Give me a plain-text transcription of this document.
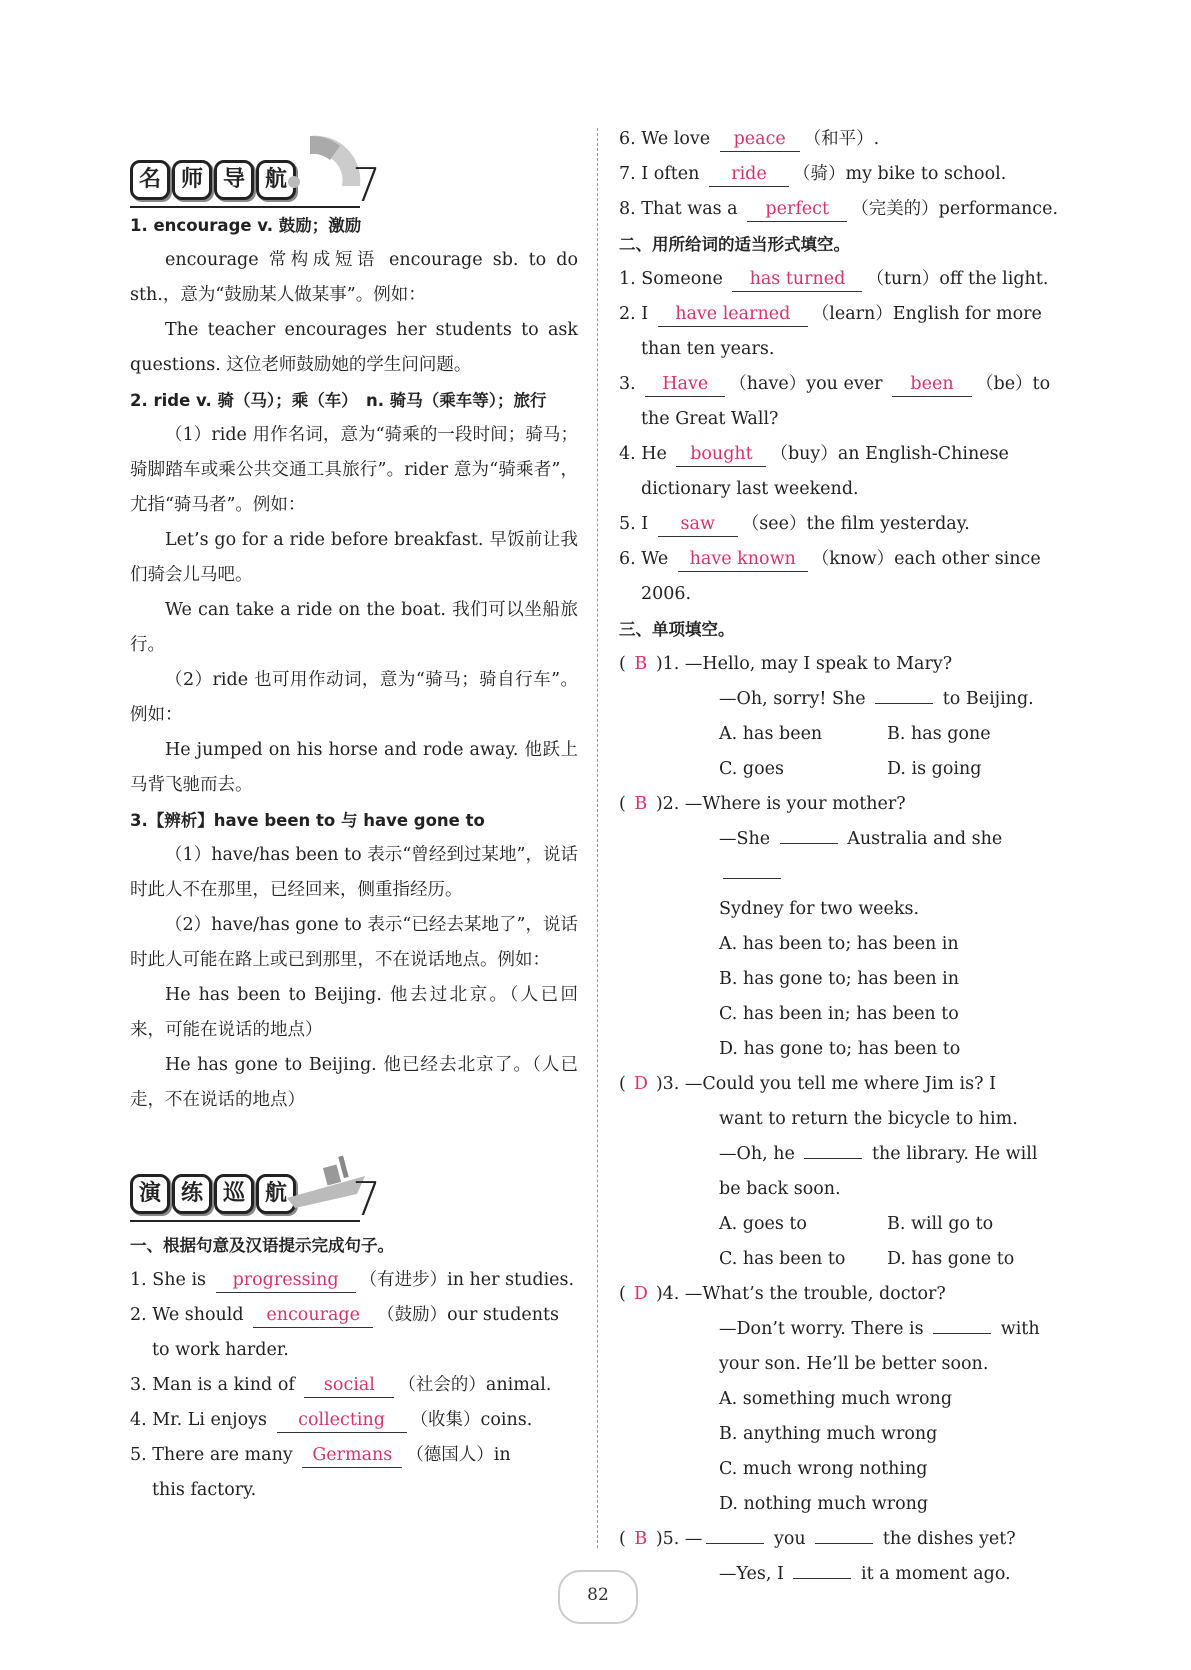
名 师 导 航 7
1. encourage v. 鼓励；激励
encourage 常构成短语 encourage sb. to do sth.，意为“鼓励某人做某事”。例如：
The teacher encourages her students to ask questions. 这位老师鼓励她的学生问问题。
2. ride v. 骑（马）；乘（车）　n. 骑马（乘车等）；旅行
（1）ride 用作名词，意为“骑乘的一段时间；骑马；骑脚踏车或乘公共交通工具旅行”。rider 意为“骑乘者”，尤指“骑马者”。例如：
Let’s go for a ride before breakfast. 早饭前让我们骑会儿马吧。
We can take a ride on the boat. 我们可以坐船旅行。
（2）ride 也可用作动词，意为“骑马；骑自行车”。例如：
He jumped on his horse and rode away. 他跃上马背飞驰而去。
3.【辨析】have been to 与 have gone to
（1）have/has been to 表示“曾经到过某地”，说话时此人不在那里，已经回来，侧重指经历。
（2）have/has gone to 表示“已经去某地了”，说话时此人可能在路上或已到那里，不在说话地点。例如：
He has been to Beijing. 他去过北京。（人已回来，可能在说话的地点）
He has gone to Beijing. 他已经去北京了。（人已走，不在说话的地点）
演 练 巡 航 7
一、根据句意及汉语提示完成句子。
1. She is progressing （有进步）in her studies.
2. We should encourage （鼓励）our students
to work harder.
3. Man is a kind of social （社会的）animal.
4. Mr. Li enjoys collecting （收集）coins.
5. There are many Germans （德国人）in
this factory.
6. We love peace （和平）.
7. I often ride （骑）my bike to school.
8. That was a perfect （完美的）performance.
二、用所给词的适当形式填空。
1. Someone has turned （turn）off the light.
2. I have learned （learn）English for more
than ten years.
3. Have （have）you ever been （be）to
the Great Wall?
4. He bought （buy）an English-Chinese
dictionary last weekend.
5. I saw （see）the film yesterday.
6. We have known （know）each other since
2006.
三、单项填空。
( B )1. —Hello, may I speak to Mary?
—Oh, sorry! She	to Beijing.
A. has been	B. has gone
C. goes	D. is going
( B )2. —Where is your mother?
—She	Australia and she
Sydney for two weeks.
A. has been to; has been in
B. has gone to; has been in
C. has been in; has been to
D. has gone to; has been to
( D )3. —Could you tell me where Jim is? I
want to return the bicycle to him.
—Oh, he	the library. He will
be back soon.
A. goes to	B. will go to
C. has been to D. has gone to
( D )4. —What’s the trouble, doctor?
—Don’t worry. There is	with
your son. He’ll be better soon.
A. something much wrong
B. anything much wrong
C. much wrong nothing
D. nothing much wrong
( B )5. —	you	the dishes yet?
—Yes, I	it a moment ago.
82
